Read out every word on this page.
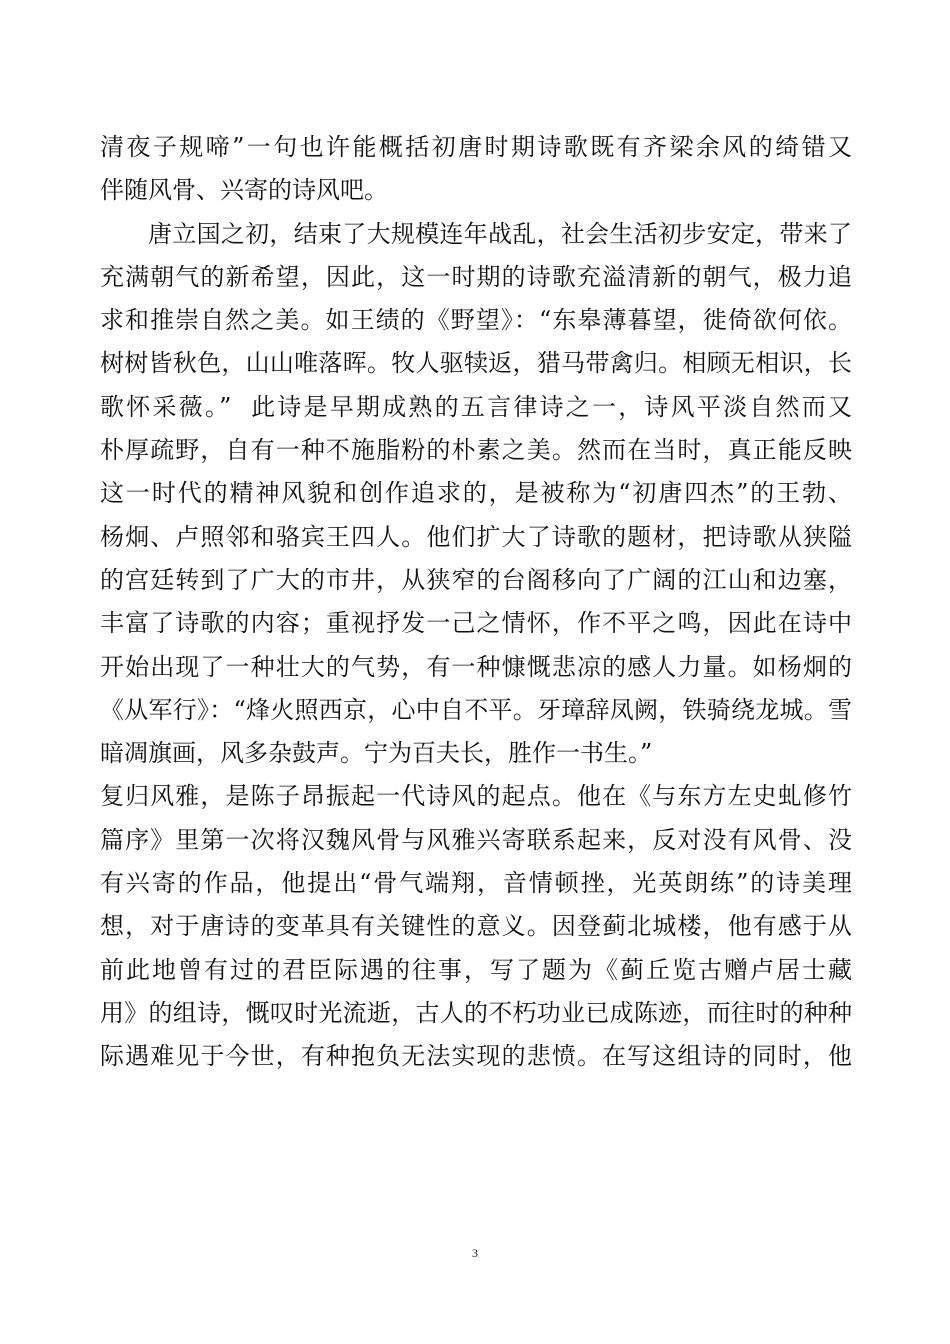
清夜子规啼”一句也许能概括初唐时期诗歌既有齐梁余风的绮错又
伴随风骨、兴寄的诗风吧。
唐立国之初，结束了大规模连年战乱，社会生活初步安定，带来了
充满朝气的新希望，因此，这一时期的诗歌充溢清新的朝气，极力追
求和推崇自然之美。如王绩的《野望》：“东皋薄暮望，徙倚欲何依。
树树皆秋色，山山唯落晖。牧人驱犊返，猎马带禽归。相顾无相识，长
歌怀采薇。”  此诗是早期成熟的五言律诗之一，诗风平淡自然而又
朴厚疏野，自有一种不施脂粉的朴素之美。然而在当时，真正能反映
这一时代的精神风貌和创作追求的，是被称为“初唐四杰”的王勃、
杨炯、卢照邻和骆宾王四人。他们扩大了诗歌的题材，把诗歌从狭隘
的宫廷转到了广大的市井，从狭窄的台阁移向了广阔的江山和边塞，
丰富了诗歌的内容；重视抒发一己之情怀，作不平之鸣，因此在诗中
开始出现了一种壮大的气势，有一种慷慨悲凉的感人力量。如杨炯的
《从军行》：“烽火照西京，心中自不平。牙璋辞凤阙，铁骑绕龙城。雪
暗凋旗画，风多杂鼓声。宁为百夫长，胜作一书生。”
复归风雅，是陈子昂振起一代诗风的起点。他在《与东方左史虬修竹
篇序》里第一次将汉魏风骨与风雅兴寄联系起来，反对没有风骨、没
有兴寄的作品，他提出“骨气端翔，音情顿挫，光英朗练”的诗美理
想，对于唐诗的变革具有关键性的意义。因登蓟北城楼，他有感于从
前此地曾有过的君臣际遇的往事，写了题为《蓟丘览古赠卢居士藏
用》的组诗，慨叹时光流逝，古人的不朽功业已成陈迹，而往时的种种
际遇难见于今世，有种抱负无法实现的悲愤。在写这组诗的同时，他
3
